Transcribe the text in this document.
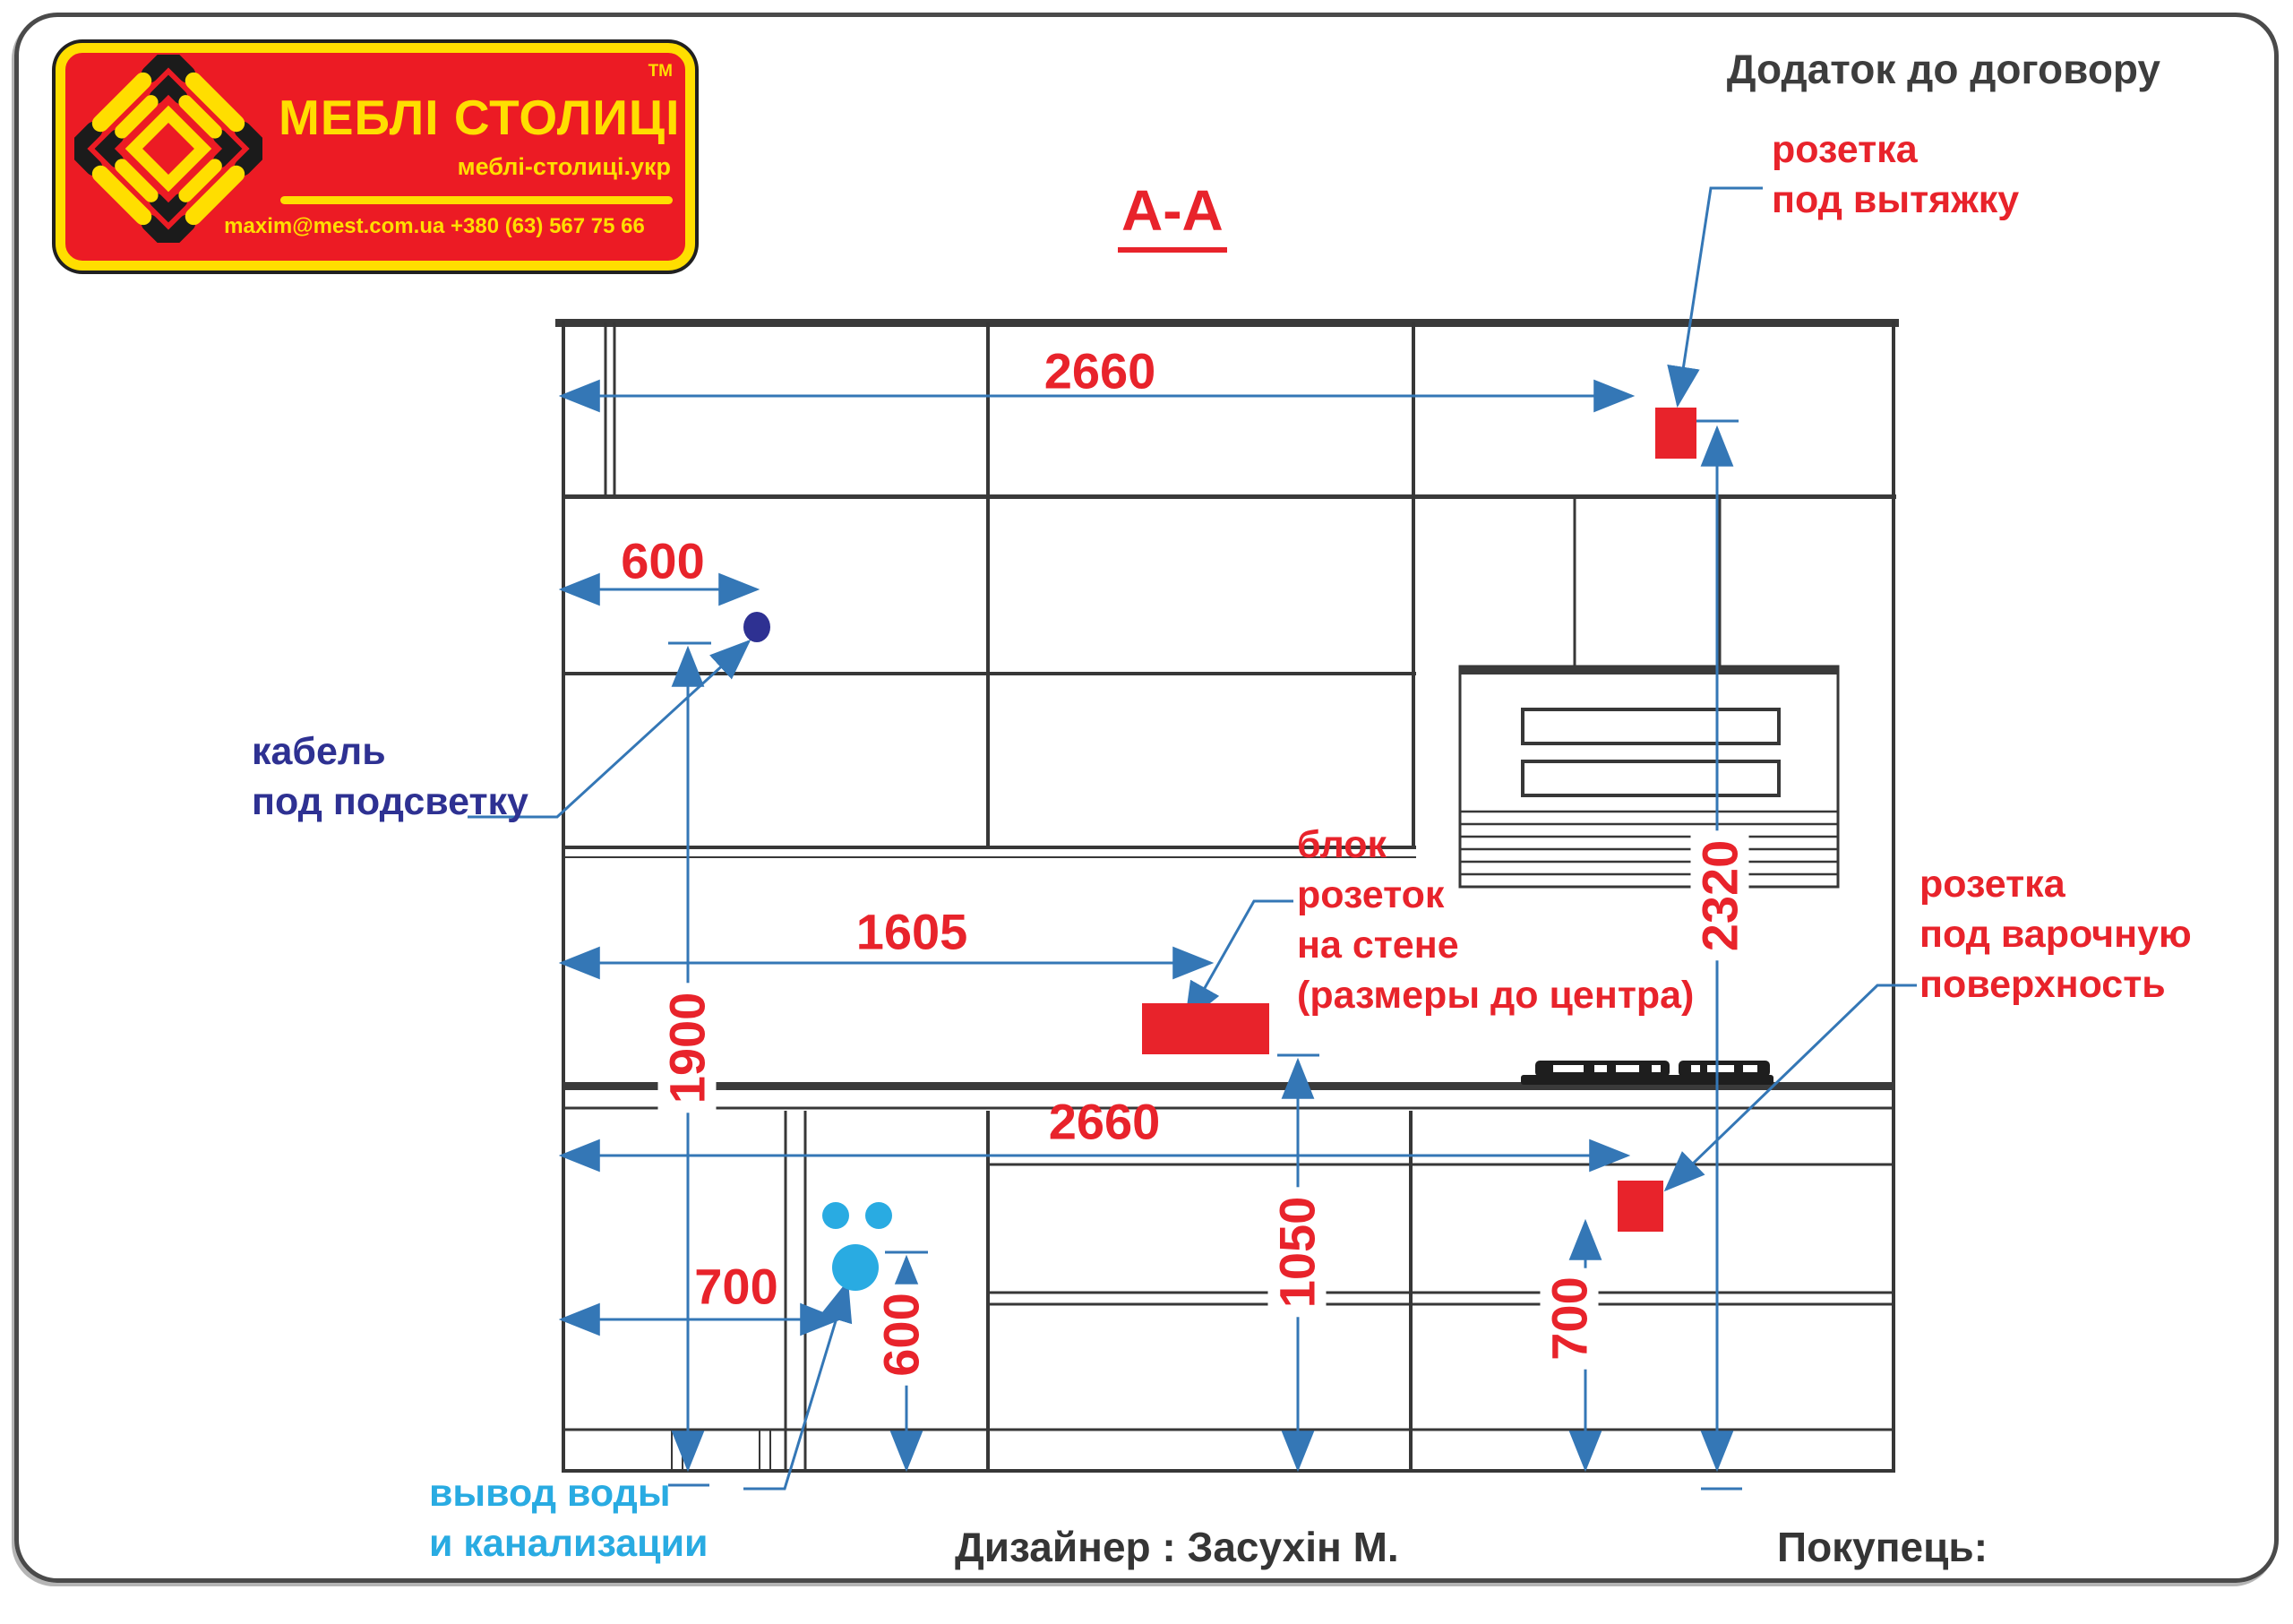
ТМ
МЕБЛІ СТОЛИЦІ
меблі-столиці.укр
maxim@mest.com.ua +380 (63) 567 75 66
Додаток до договору
А-А
Дизайнер : Засухін М.	Покупець:
розетка
под вытяжку
блок
розеток
на стене
(размеры до центра)
розетка
под варочную
поверхность
кабель
под подсветку
вывод воды
и канализации
2660
600
1900
1605
2660
1050
2320
700
600	700
